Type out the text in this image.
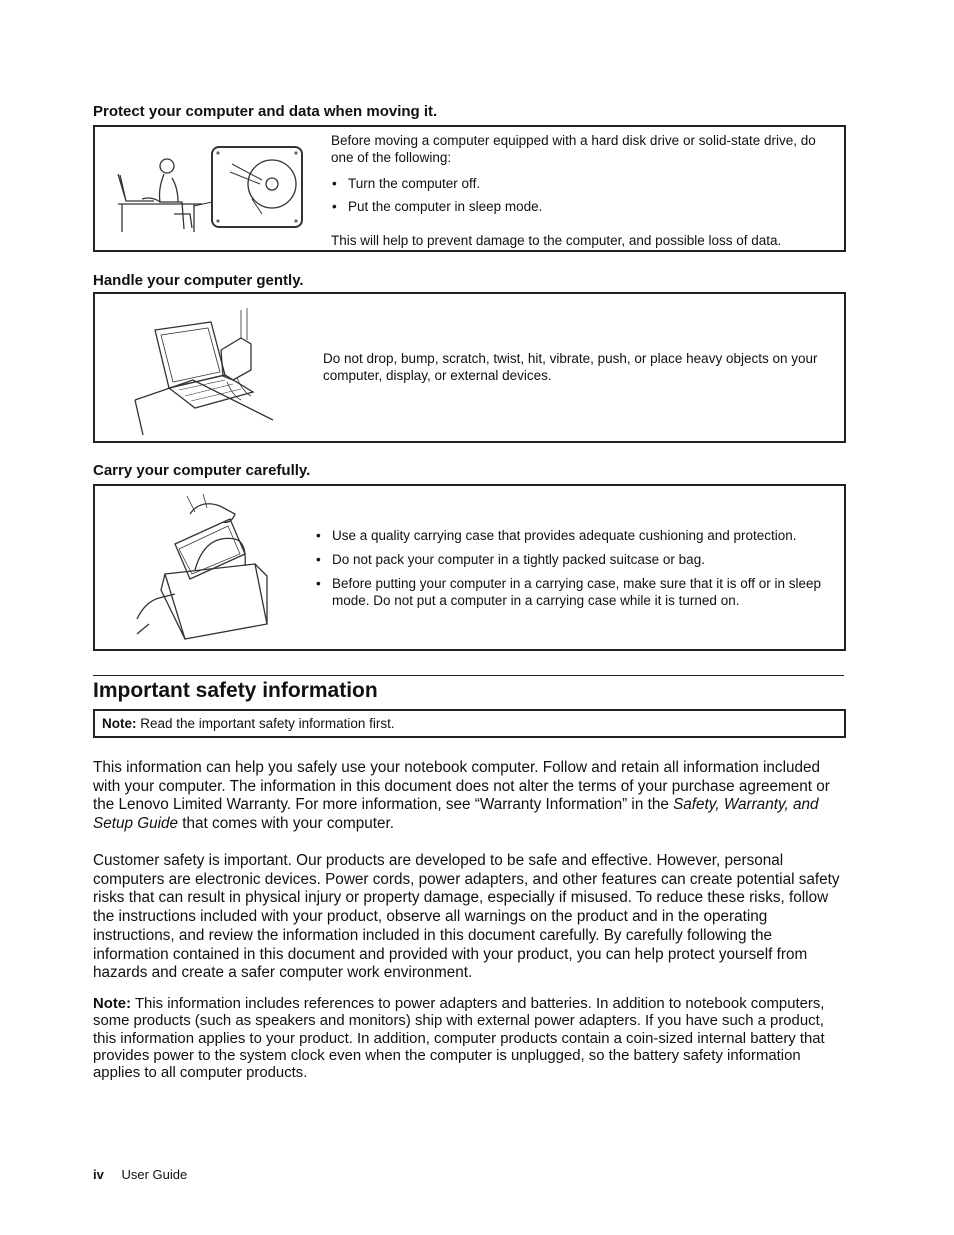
Protect your computer and data when moving it.

Before moving a computer equipped with a hard disk drive or solid-state drive, do one of the following:

• Turn the computer off.

• Put the computer in sleep mode.

This will help to prevent damage to the computer, and possible loss of data.

Handle your computer gently.
Do not drop, bump, scratch, twist, hit, vibrate, push, or place heavy objects on your computer, display, or external devices.
Carry your computer carefully.

• Use a quality carrying case that provides adequate cushioning and protection.

• Do not pack your computer in a tightly packed suitcase or bag.

• Before putting your computer in a carrying case, make sure that it is off or in sleep mode. Do not put a computer in a carrying case while it is turned on.

Important safety information
Note: Read the important safety information first.

This information can help you safely use your notebook computer. Follow and retain all information included with your computer. The information in this document does not alter the terms of your purchase agreement or the Lenovo Limited Warranty. For more information, see “Warranty Information” in the Safety, Warranty, and Setup Guide that comes with your computer.

Customer safety is important. Our products are developed to be safe and effective. However, personal computers are electronic devices. Power cords, power adapters, and other features can create potential safety risks that can result in physical injury or property damage, especially if misused. To reduce these risks, follow the instructions included with your product, observe all warnings on the product and in the operating instructions, and review the information included in this document carefully. By carefully following the information contained in this document and provided with your product, you can help protect yourself from hazards and create a safer computer work environment.

Note: This information includes references to power adapters and batteries. In addition to notebook computers, some products (such as speakers and monitors) ship with external power adapters. If you have such a product, this information applies to your product. In addition, computer products contain a coin-sized internal battery that provides power to the system clock even when the computer is unplugged, so the battery safety information applies to all computer products.

iv User Guide
